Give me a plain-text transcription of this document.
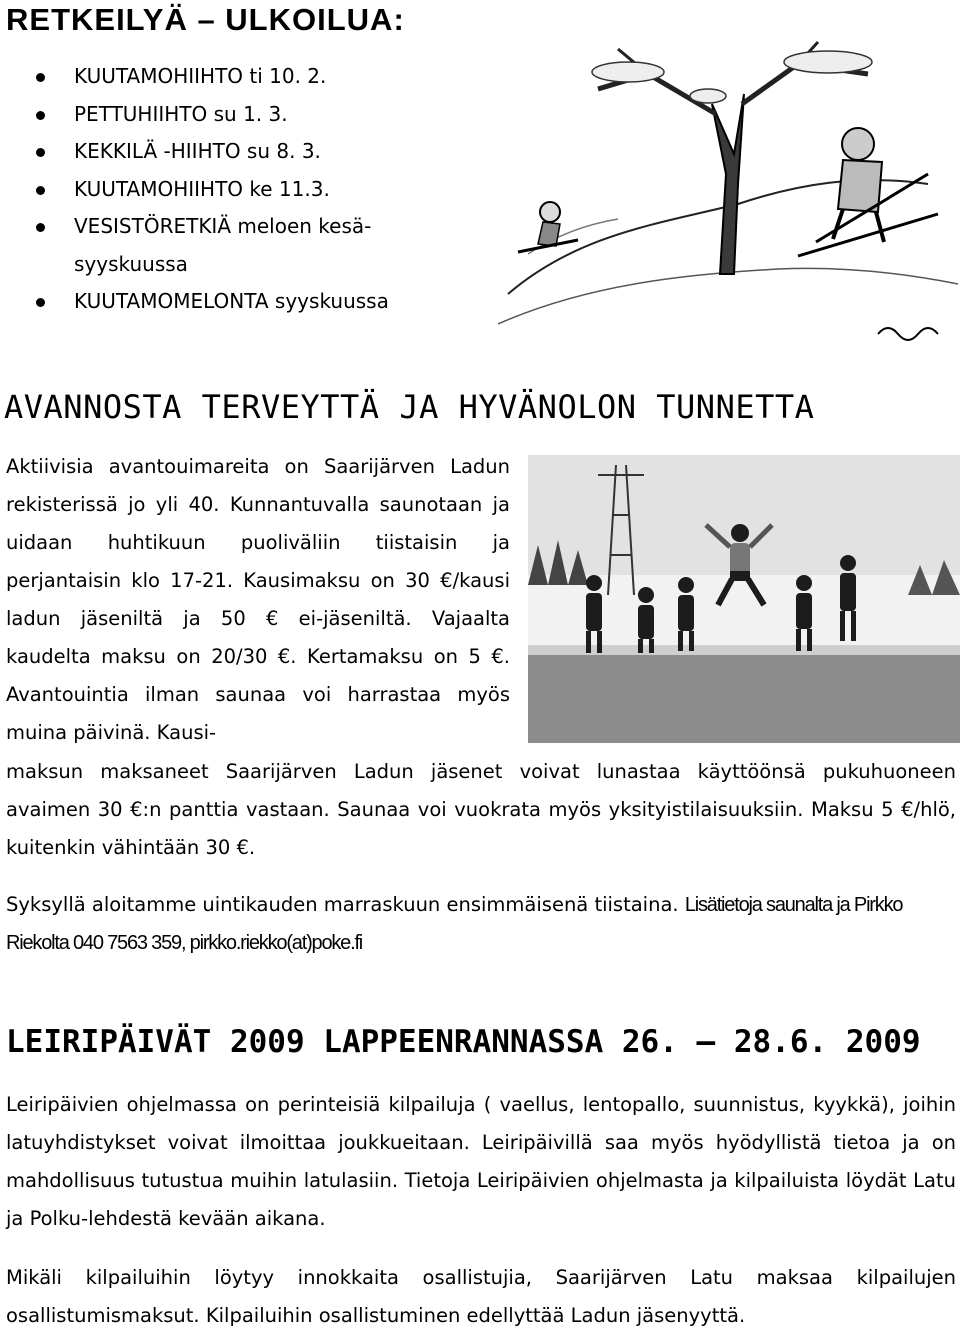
RETKEILYÄ – ULKOILUA:
KUUTAMOHIIHTO ti 10. 2.
PETTUHIIHTO su 1. 3.
KEKKILÄ -HIIHTO su 8. 3.
KUUTAMOHIIHTO ke 11.3.
VESISTÖRETKIÄ meloen kesä-
syyskuussa
KUUTAMOMELONTA syyskuussa
AVANNOSTA TERVEYTTÄ JA HYVÄNOLON TUNNETTA
Aktiivisia avantouimareita on Saarijärven Ladun rekisterissä jo yli 40. Kunnantuvalla saunotaan ja uidaan huhtikuun puoliväliin tiistaisin ja perjantaisin klo 17-21. Kausimaksu on 30 €/kausi ladun jäseniltä ja 50 € ei-jäseniltä. Vajaalta kaudelta maksu on 20/30 €. Kertamaksu on 5 €. Avantouintia ilman saunaa voi harrastaa myös muina päivinä. Kausi-
maksun maksaneet Saarijärven Ladun jäsenet voivat lunastaa käyttöönsä pukuhuoneen avaimen 30 €:n panttia vastaan. Saunaa voi vuokrata myös yksityistilaisuuksiin. Maksu 5 €/hlö, kuitenkin vähintään 30 €.
Syksyllä aloitamme uintikauden marraskuun ensimmäisenä tiistaina. Lisätietoja saunalta ja Pirkko Riekolta 040 7563 359, pirkko.riekko(at)poke.fi
LEIRIPÄIVÄT 2009 LAPPEENRANNASSA 26. – 28.6. 2009
Leiripäivien ohjelmassa on perinteisiä kilpailuja ( vaellus, lentopallo, suunnistus, kyykkä), joihin latuyhdistykset voivat ilmoittaa joukkueitaan. Leiripäivillä saa myös hyödyllistä tietoa ja on mahdollisuus tutustua muihin latulasiin. Tietoja Leiripäivien ohjelmasta ja kilpailuista löydät Latu ja Polku-lehdestä kevään aikana.
Mikäli kilpailuihin löytyy innokkaita osallistujia, Saarijärven Latu maksaa kilpailujen osallistumismaksut. Kilpailuihin osallistuminen edellyttää Ladun jäsenyyttä.
